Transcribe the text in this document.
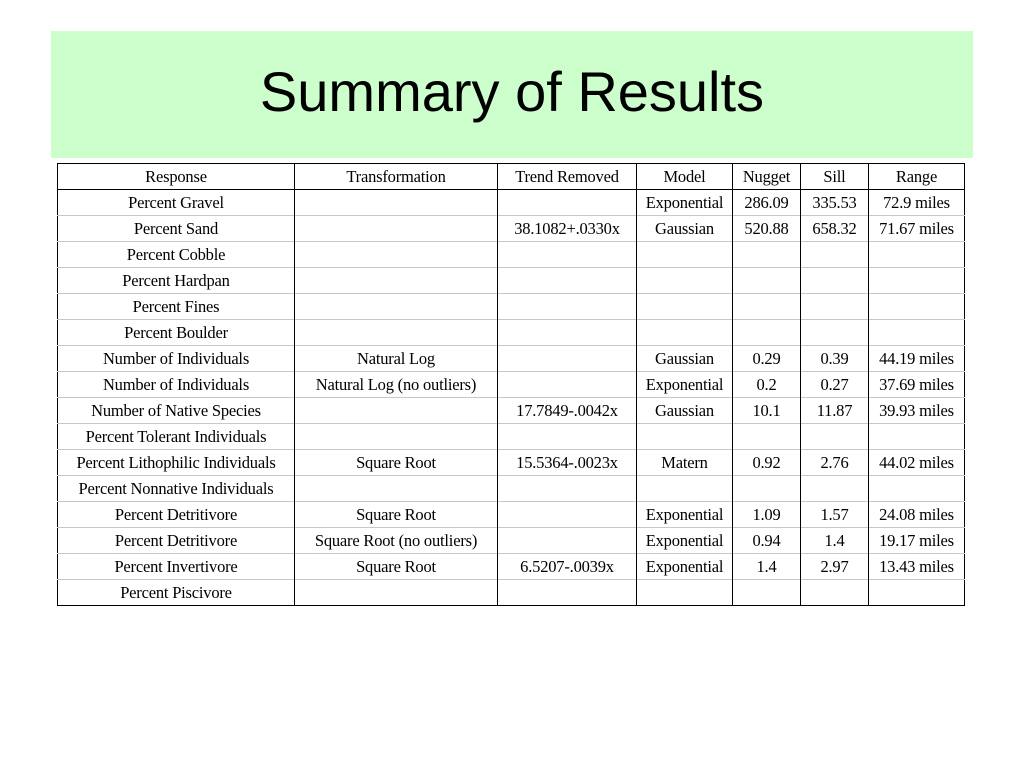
Summary of Results
Response	Transformation	Trend Removed	Model	Nugget	Sill	Range
Percent Gravel			Exponential	286.09	335.53	72.9 miles
Percent Sand		38.1082+.0330x	Gaussian	520.88	658.32	71.67 miles
Percent Cobble						
Percent Hardpan						
Percent Fines						
Percent Boulder						
Number of Individuals	Natural Log		Gaussian	0.29	0.39	44.19 miles
Number of Individuals	Natural Log (no outliers)		Exponential	0.2	0.27	37.69 miles
Number of Native Species		17.7849-.0042x	Gaussian	10.1	11.87	39.93 miles
Percent Tolerant Individuals						
Percent Lithophilic Individuals	Square Root	15.5364-.0023x	Matern	0.92	2.76	44.02 miles
Percent Nonnative Individuals						
Percent Detritivore	Square Root		Exponential	1.09	1.57	24.08 miles
Percent Detritivore	Square Root (no outliers)		Exponential	0.94	1.4	19.17 miles
Percent Invertivore	Square Root	6.5207-.0039x	Exponential	1.4	2.97	13.43 miles
Percent Piscivore						
